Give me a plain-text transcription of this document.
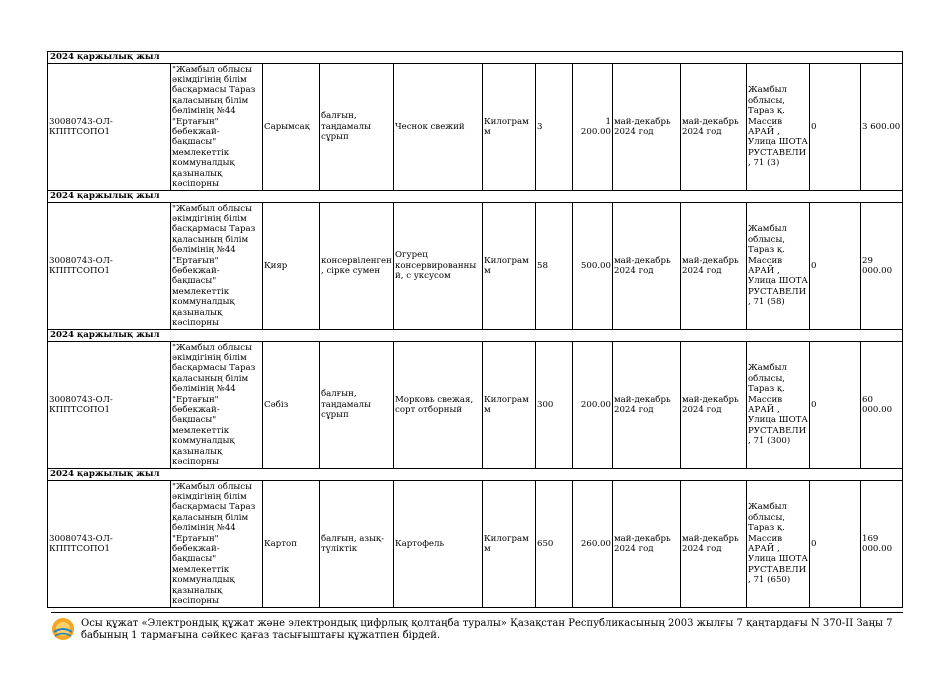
2024 қаржылық жыл												
30080743-ОЛ-КППТСОПО1	"Жамбыл облысы әкімдігінің білім басқармасы Тараз қаласының білім бөлімінің №44 "Ертағын" бөбекжай-бақшасы" мемлекеттік коммуналдық қазыналық кәсіпорны	Сарымсақ	балғын, таңдамалы сұрып	Чеснок свежий	Килограмм	3	1 200.00	май-декабрь 2024 год	май-декабрь 2024 год	Жамбыл облысы, Тараз қ. Массив АРАЙ , Улица ШОТА РУСТАВЕЛИ, 71 (3)	0	3 600.00
2024 қаржылық жыл												
30080743-ОЛ-КППТСОПО1	"Жамбыл облысы әкімдігінің білім басқармасы Тараз қаласының білім бөлімінің №44 "Ертағын" бөбекжай-бақшасы" мемлекеттік коммуналдық қазыналық кәсіпорны	Қияр	консервіленген, сірке сумен	Огурец консервированный, с уксусом	Килограмм	58	500.00	май-декабрь 2024 год	май-декабрь 2024 год	Жамбыл облысы, Тараз қ. Массив АРАЙ , Улица ШОТА РУСТАВЕЛИ, 71 (58)	0	29 000.00
2024 қаржылық жыл												
30080743-ОЛ-КППТСОПО1	"Жамбыл облысы әкімдігінің білім басқармасы Тараз қаласының білім бөлімінің №44 "Ертағын" бөбекжай-бақшасы" мемлекеттік коммуналдық қазыналық кәсіпорны	Сәбіз	балғын, таңдамалы сұрып	Морковь свежая, сорт отборный	Килограмм	300	200.00	май-декабрь 2024 год	май-декабрь 2024 год	Жамбыл облысы, Тараз қ. Массив АРАЙ , Улица ШОТА РУСТАВЕЛИ, 71 (300)	0	60 000.00
2024 қаржылық жыл												
30080743-ОЛ-КППТСОПО1	"Жамбыл облысы әкімдігінің білім басқармасы Тараз қаласының білім бөлімінің №44 "Ертағын" бөбекжай-бақшасы" мемлекеттік коммуналдық қазыналық кәсіпорны	Картоп	балғын, азық-түліктік	Картофель	Килограмм	650	260.00	май-декабрь 2024 год	май-декабрь 2024 год	Жамбыл облысы, Тараз қ. Массив АРАЙ , Улица ШОТА РУСТАВЕЛИ, 71 (650)	0	169 000.00
Осы құжат «Электрондық құжат және электрондық цифрлық қолтаңба туралы» Қазақстан Республикасының 2003 жылғы 7 қаңтардағы N 370-II Заңы 7 бабының 1 тармағына сәйкес қағаз тасығыштағы құжатпен бірдей.
